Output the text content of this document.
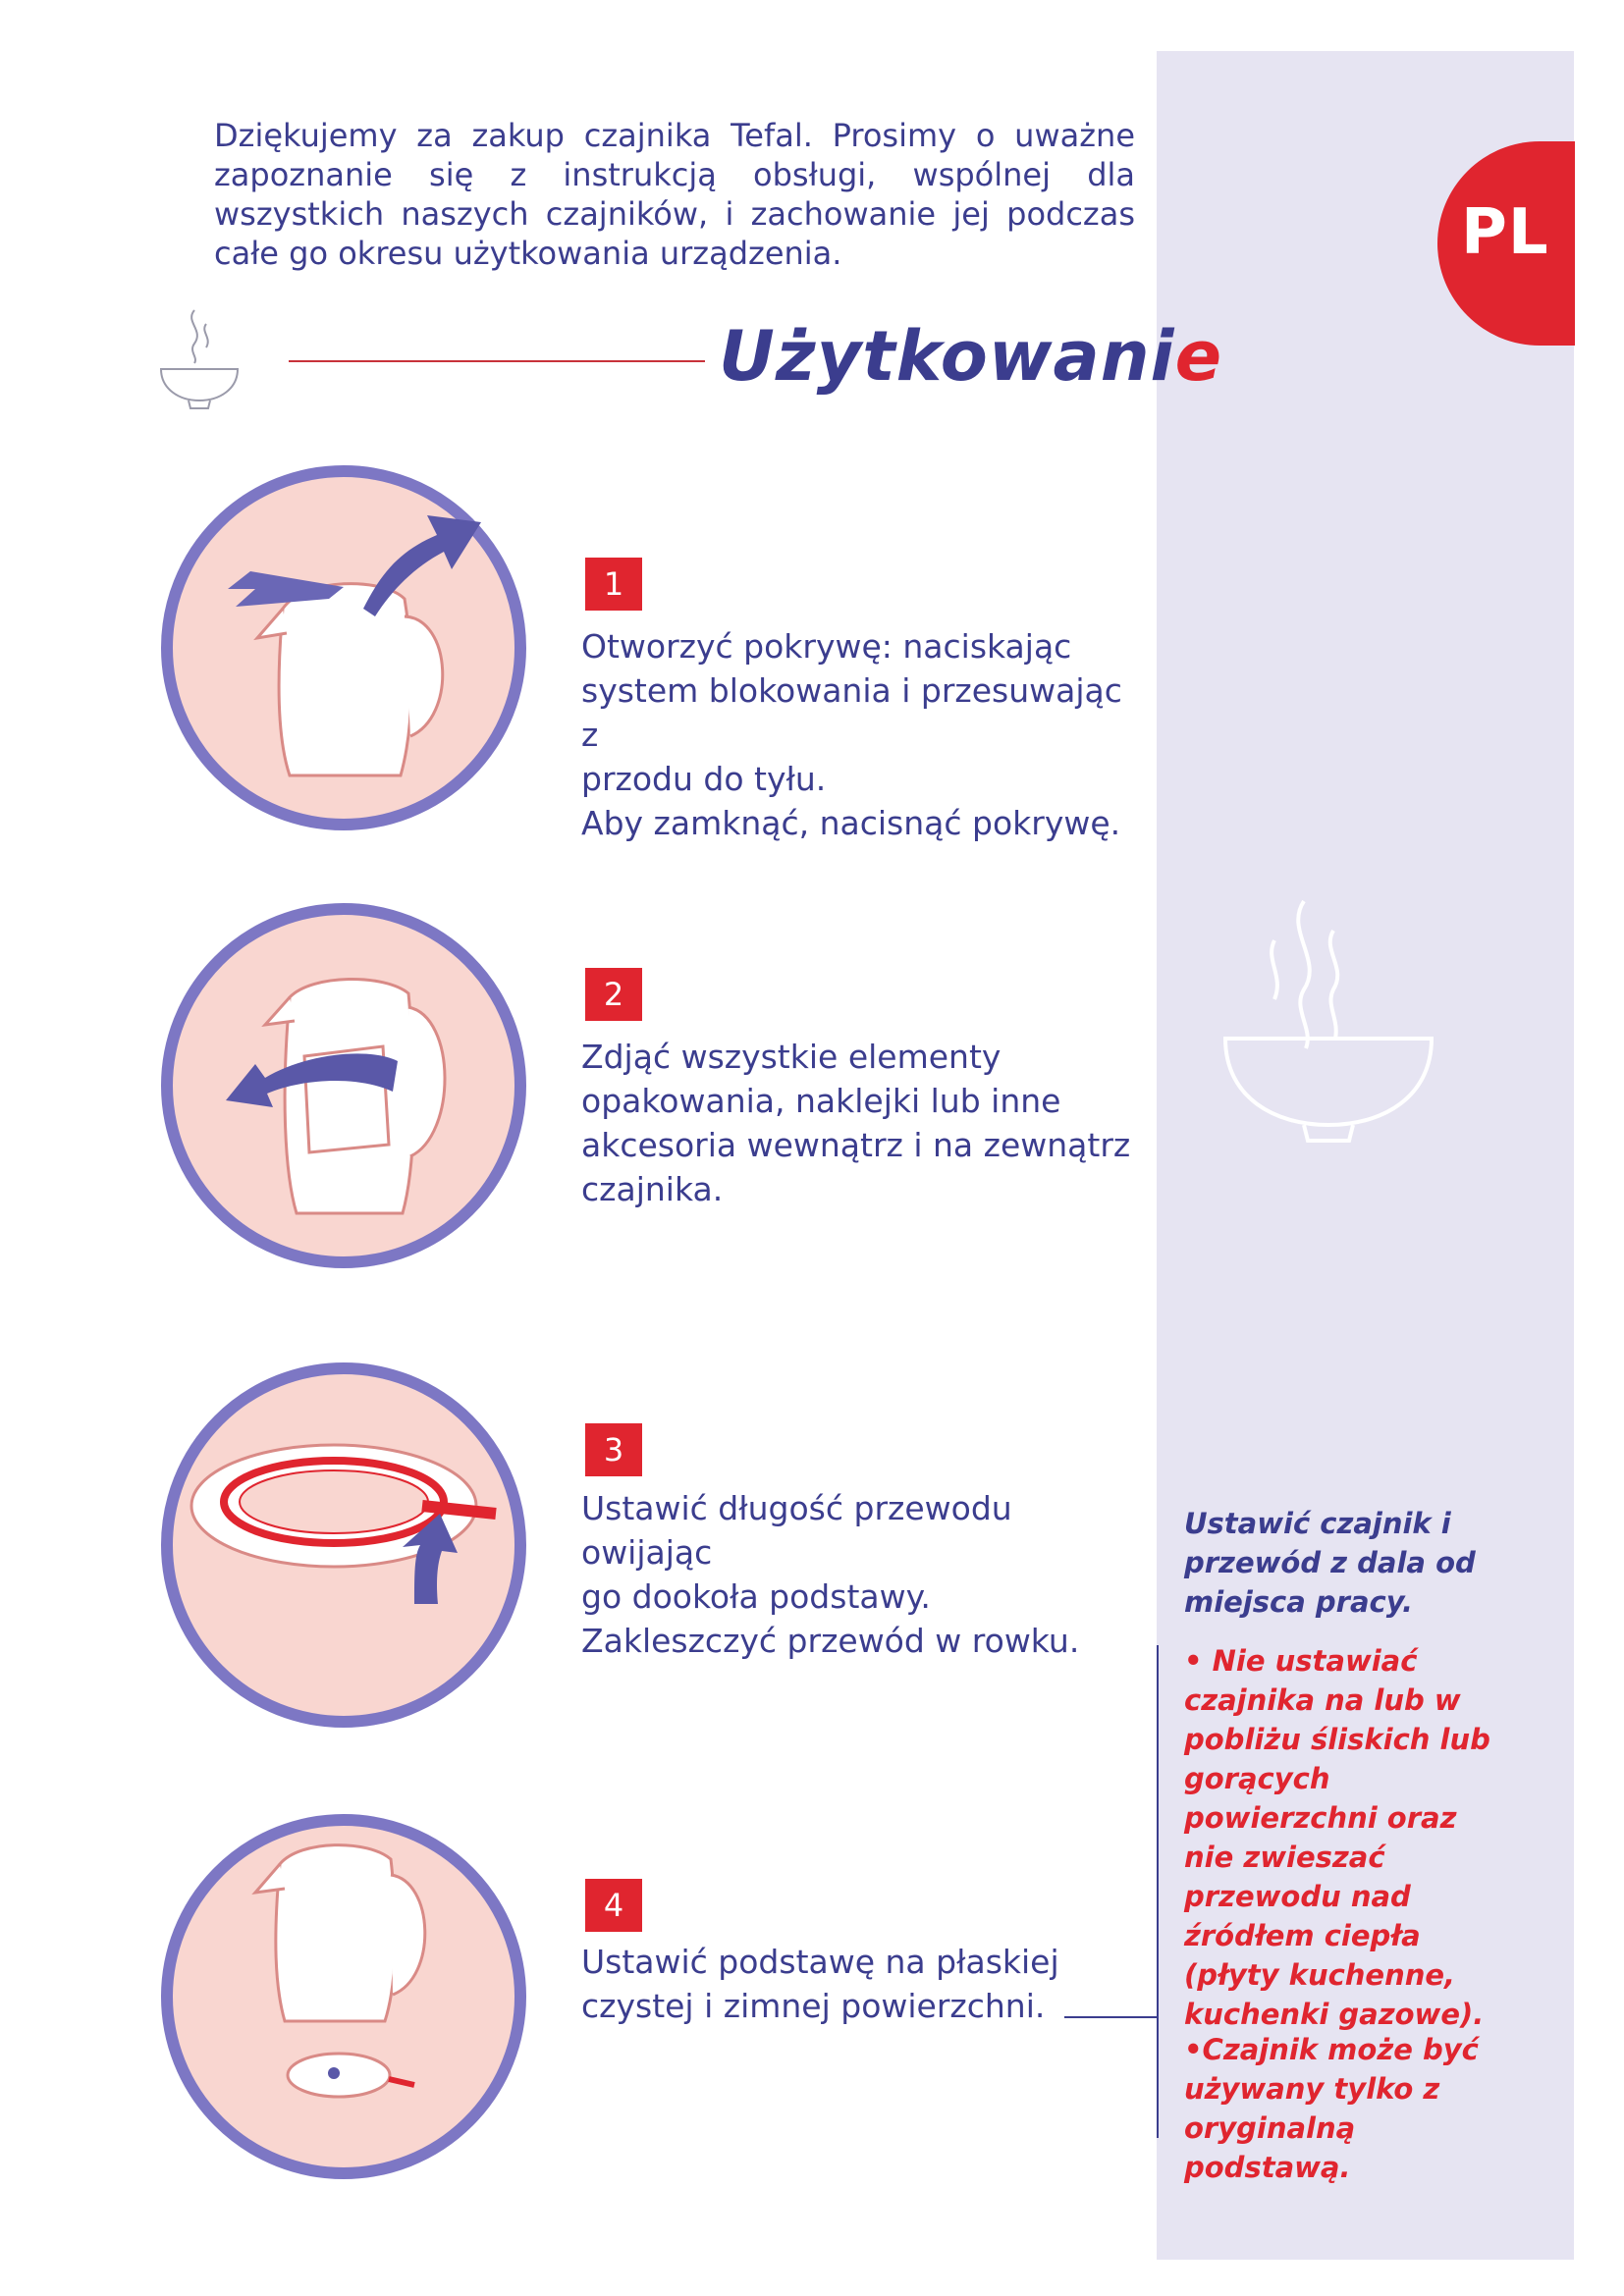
PL

Dziękujemy za zakup czajnika Tefal. Prosimy o uważne zapoznanie się z instrukcją obsługi, wspólnej dla wszystkich naszych czajników, i zachowanie jej podczas całe go okresu użytkowania urządzenia.

Użytkowanie
1

Otworzyć pokrywę: naciskając
system blokowania i przesuwając z
przodu do tyłu.
Aby zamknąć, nacisnąć pokrywę.

2

Zdjąć wszystkie elementy
opakowania, naklejki lub inne
akcesoria wewnątrz i na zewnątrz
czajnika.

3

Ustawić długość przewodu owijając
go dookoła podstawy.
Zakleszczyć przewód w rowku.

4

Ustawić podstawę na płaskiej
czystej i zimnej powierzchni.

Ustawić czajnik i przewód z dala od miejsca pracy.

• Nie ustawiać czajnika na lub w pobliżu śliskich lub gorących powierzchni oraz nie zwieszać przewodu nad źródłem ciepła (płyty kuchenne, kuchenki gazowe).

•Czajnik może być używany tylko z oryginalną podstawą.
